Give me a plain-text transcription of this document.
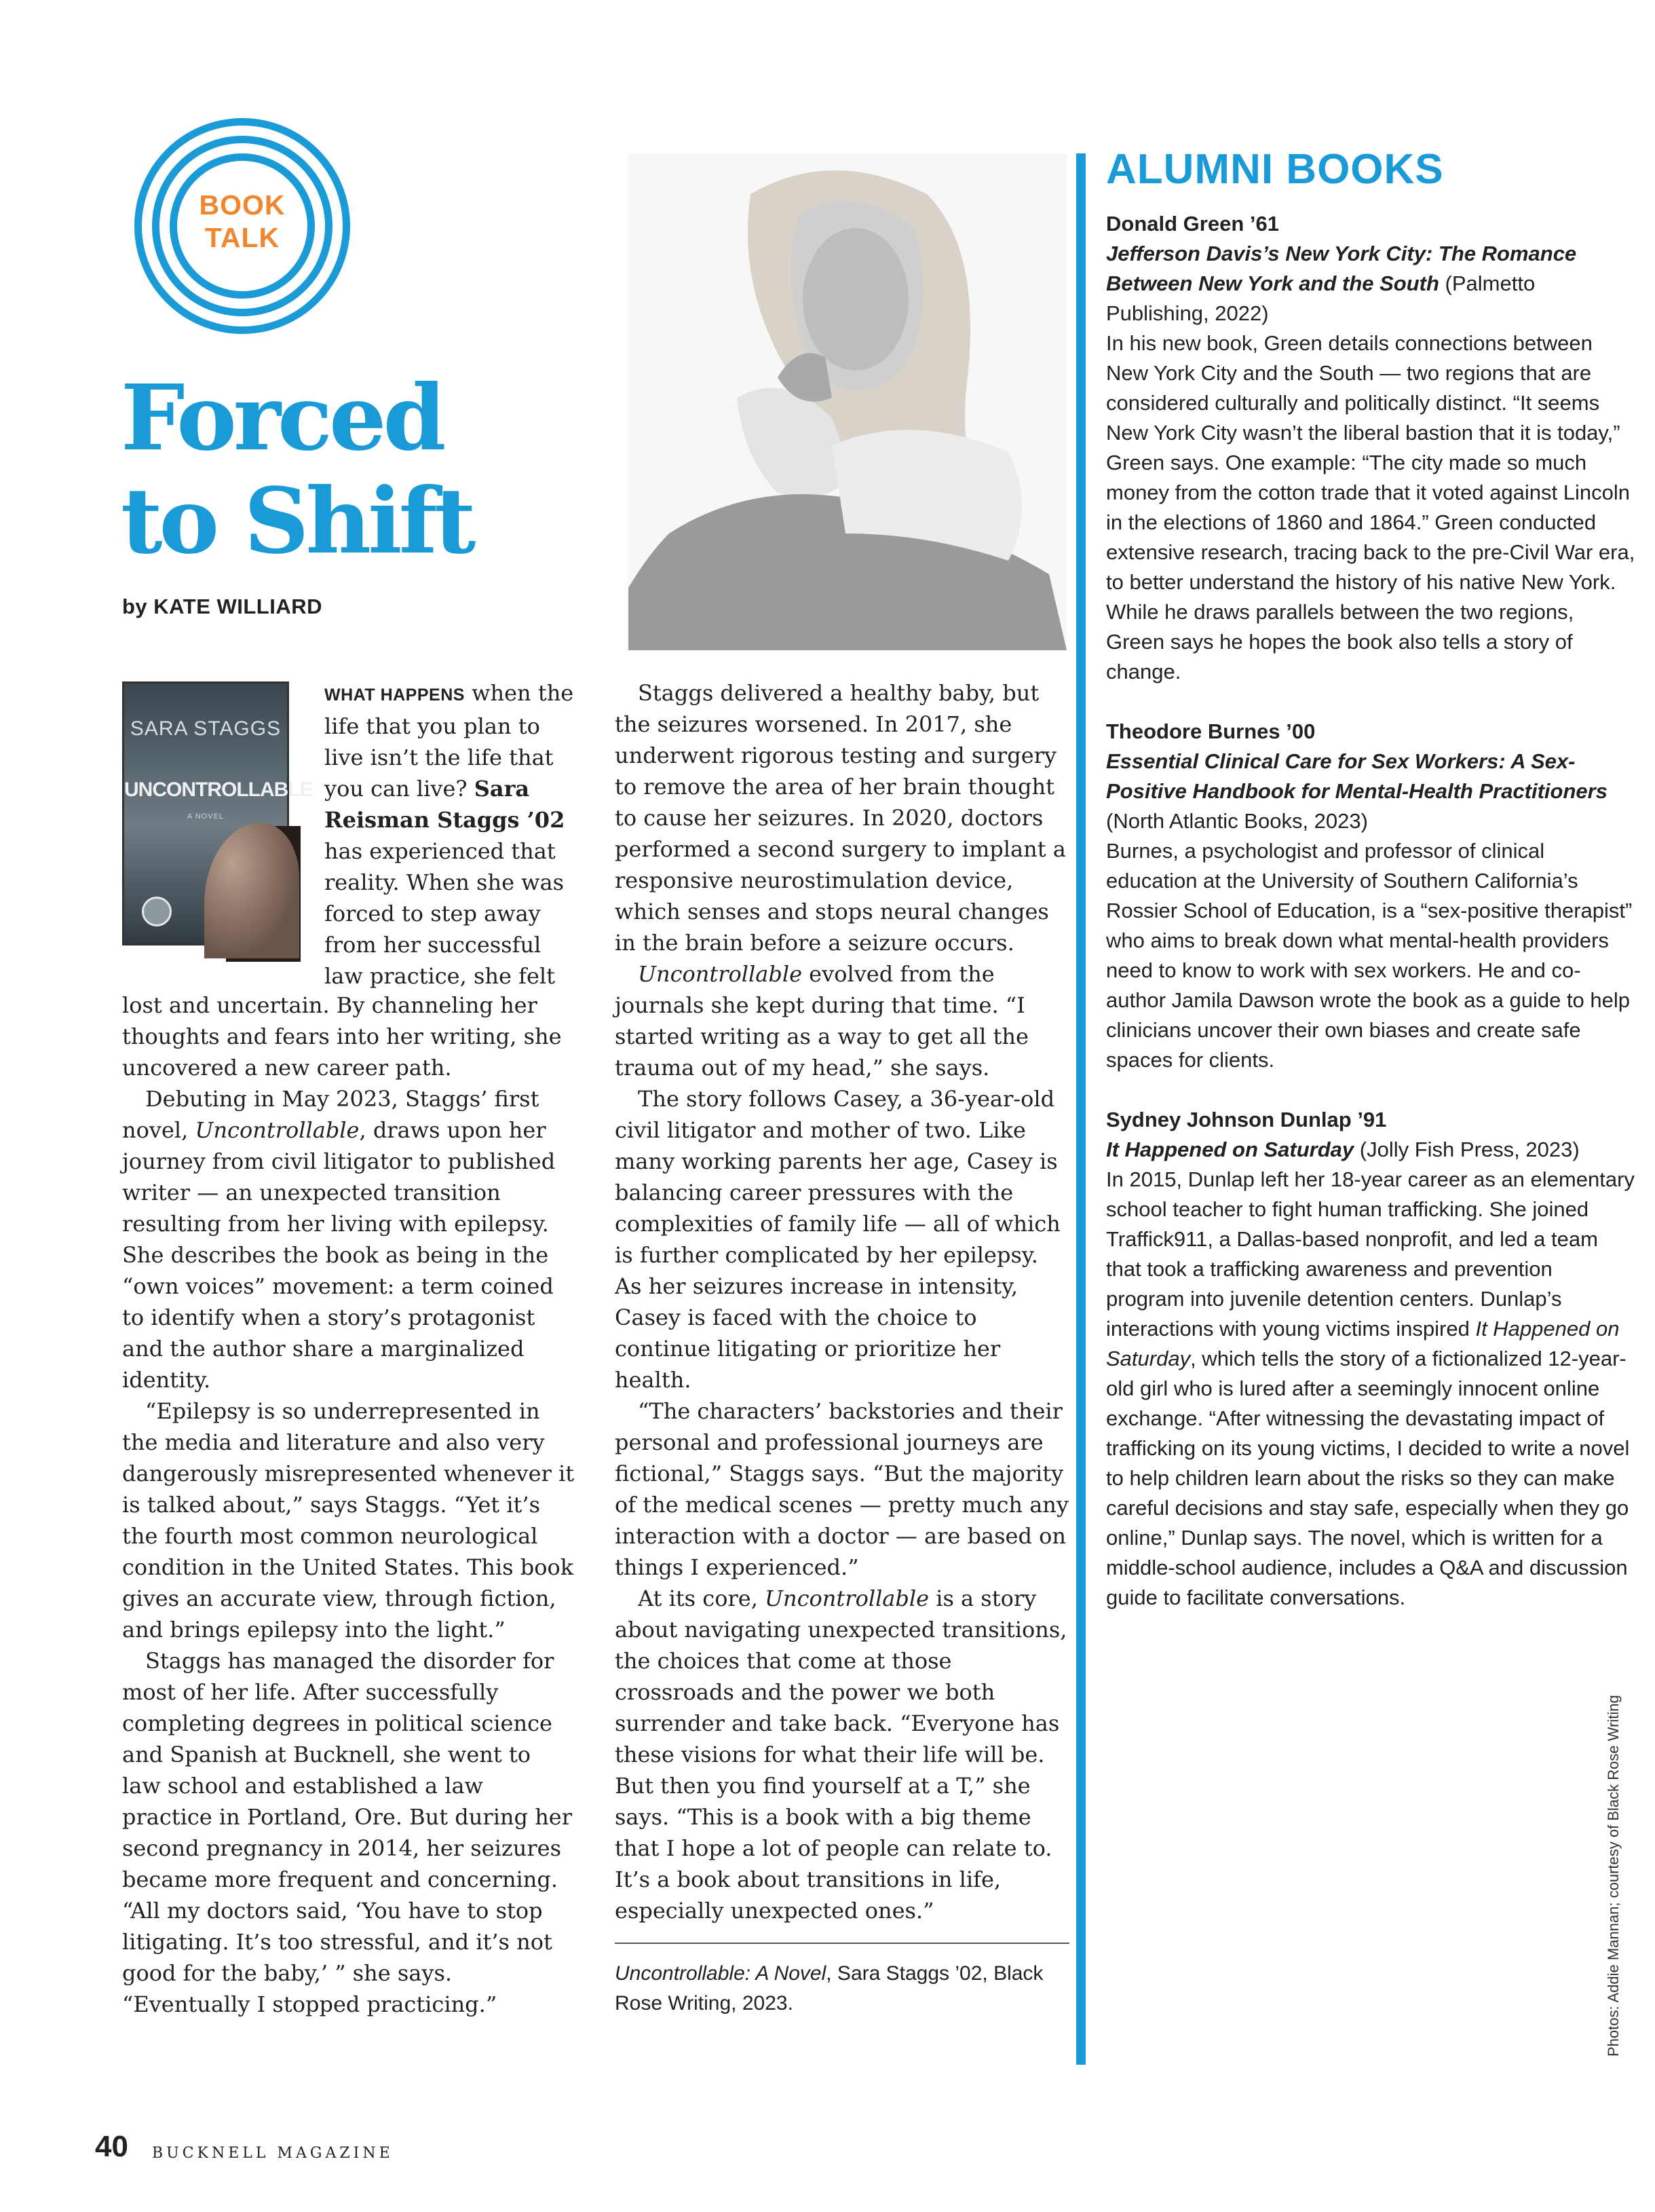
BOOK
TALK
Forced
to Shift
by KATE WILLIARD
SARA STAGGS
UNCONTROLLABLE
A NOVEL

WHAT HAPPENS when the life that you plan to live isn’t the life that you can live? Sara Reisman Staggs ’02 has experienced that reality. When she was forced to step away from her successful law practice, she felt

lost and uncertain. By channeling her thoughts and fears into her writing, she uncovered a new career path.

Debuting in May 2023, Staggs’ first novel, Uncontrollable, draws upon her journey from civil litigator to published writer — an unexpected transition resulting from her living with epilepsy. She describes the book as being in the “own voices” movement: a term coined to identify when a story’s protagonist and the author share a marginalized identity.

“Epilepsy is so underrepresented in the media and literature and also very dangerously misrepresented whenever it is talked about,” says Staggs. “Yet it’s the fourth most common neurological condition in the United States. This book gives an accurate view, through fiction, and brings epilepsy into the light.”

Staggs has managed the disorder for most of her life. After successfully completing degrees in political science and Spanish at Bucknell, she went to law school and established a law practice in Portland, Ore. But during her second pregnancy in 2014, her seizures became more frequent and concerning. “All my doctors said, ‘You have to stop litigating. It’s too stressful, and it’s not good for the baby,’ ” she says. “Eventually I stopped practicing.”

Staggs delivered a healthy baby, but the seizures worsened. In 2017, she underwent rigorous testing and surgery to remove the area of her brain thought to cause her seizures. In 2020, doctors performed a second surgery to implant a responsive neurostimulation device, which senses and stops neural changes in the brain before a seizure occurs.

Uncontrollable evolved from the journals she kept during that time. “I started writing as a way to get all the trauma out of my head,” she says.

The story follows Casey, a 36-year-old civil litigator and mother of two. Like many working parents her age, Casey is balancing career pressures with the complexities of family life — all of which is further complicated by her epilepsy. As her seizures increase in intensity, Casey is faced with the choice to continue litigating or prioritize her health.

“The characters’ backstories and their personal and professional journeys are fictional,” Staggs says. “But the majority of the medical scenes — pretty much any interaction with a doctor — are based on things I experienced.”

At its core, Uncontrollable is a story about navigating unexpected transitions, the choices that come at those crossroads and the power we both surrender and take back. “Everyone has these visions for what their life will be. But then you find yourself at a T,” she says. “This is a book with a big theme that I hope a lot of people can relate to. It’s a book about transitions in life, especially unexpected ones.”

Uncontrollable: A Novel, Sara Staggs ’02, Black Rose Writing, 2023.
ALUMNI BOOKS
Donald Green ’61
Jefferson Davis’s New York City: The Romance Between New York and the South (Palmetto Publishing, 2022)
In his new book, Green details connections between New York City and the South — two regions that are considered culturally and politically distinct. “It seems New York City wasn’t the liberal bastion that it is today,” Green says. One example: “The city made so much money from the cotton trade that it voted against Lincoln in the elections of 1860 and 1864.” Green conducted extensive research, tracing back to the pre-Civil War era, to better understand the history of his native New York. While he draws parallels between the two regions, Green says he hopes the book also tells a story of change.
Theodore Burnes ’00
Essential Clinical Care for Sex Workers: A Sex-Positive Handbook for Mental-Health Practitioners (North Atlantic Books, 2023)
Burnes, a psychologist and professor of clinical education at the University of Southern California’s Rossier School of Education, is a “sex-positive therapist” who aims to break down what mental-health providers need to know to work with sex workers. He and co-author Jamila Dawson wrote the book as a guide to help clinicians uncover their own biases and create safe spaces for clients.
Sydney Johnson Dunlap ’91
It Happened on Saturday (Jolly Fish Press, 2023)
In 2015, Dunlap left her 18-year career as an elementary school teacher to fight human trafficking. She joined Traffick911, a Dallas-based nonprofit, and led a team that took a trafficking awareness and prevention program into juvenile detention centers. Dunlap’s interactions with young victims inspired It Happened on Saturday, which tells the story of a fictionalized 12-year-old girl who is lured after a seemingly innocent online exchange. “After witnessing the devastating impact of trafficking on its young victims, I decided to write a novel to help children learn about the risks so they can make careful decisions and stay safe, especially when they go online,” Dunlap says. The novel, which is written for a middle-school audience, includes a Q&A and discussion guide to facilitate conversations.
Photos: Addie Mannan; courtesy of Black Rose Writing
40 BUCKNELL MAGAZINE
